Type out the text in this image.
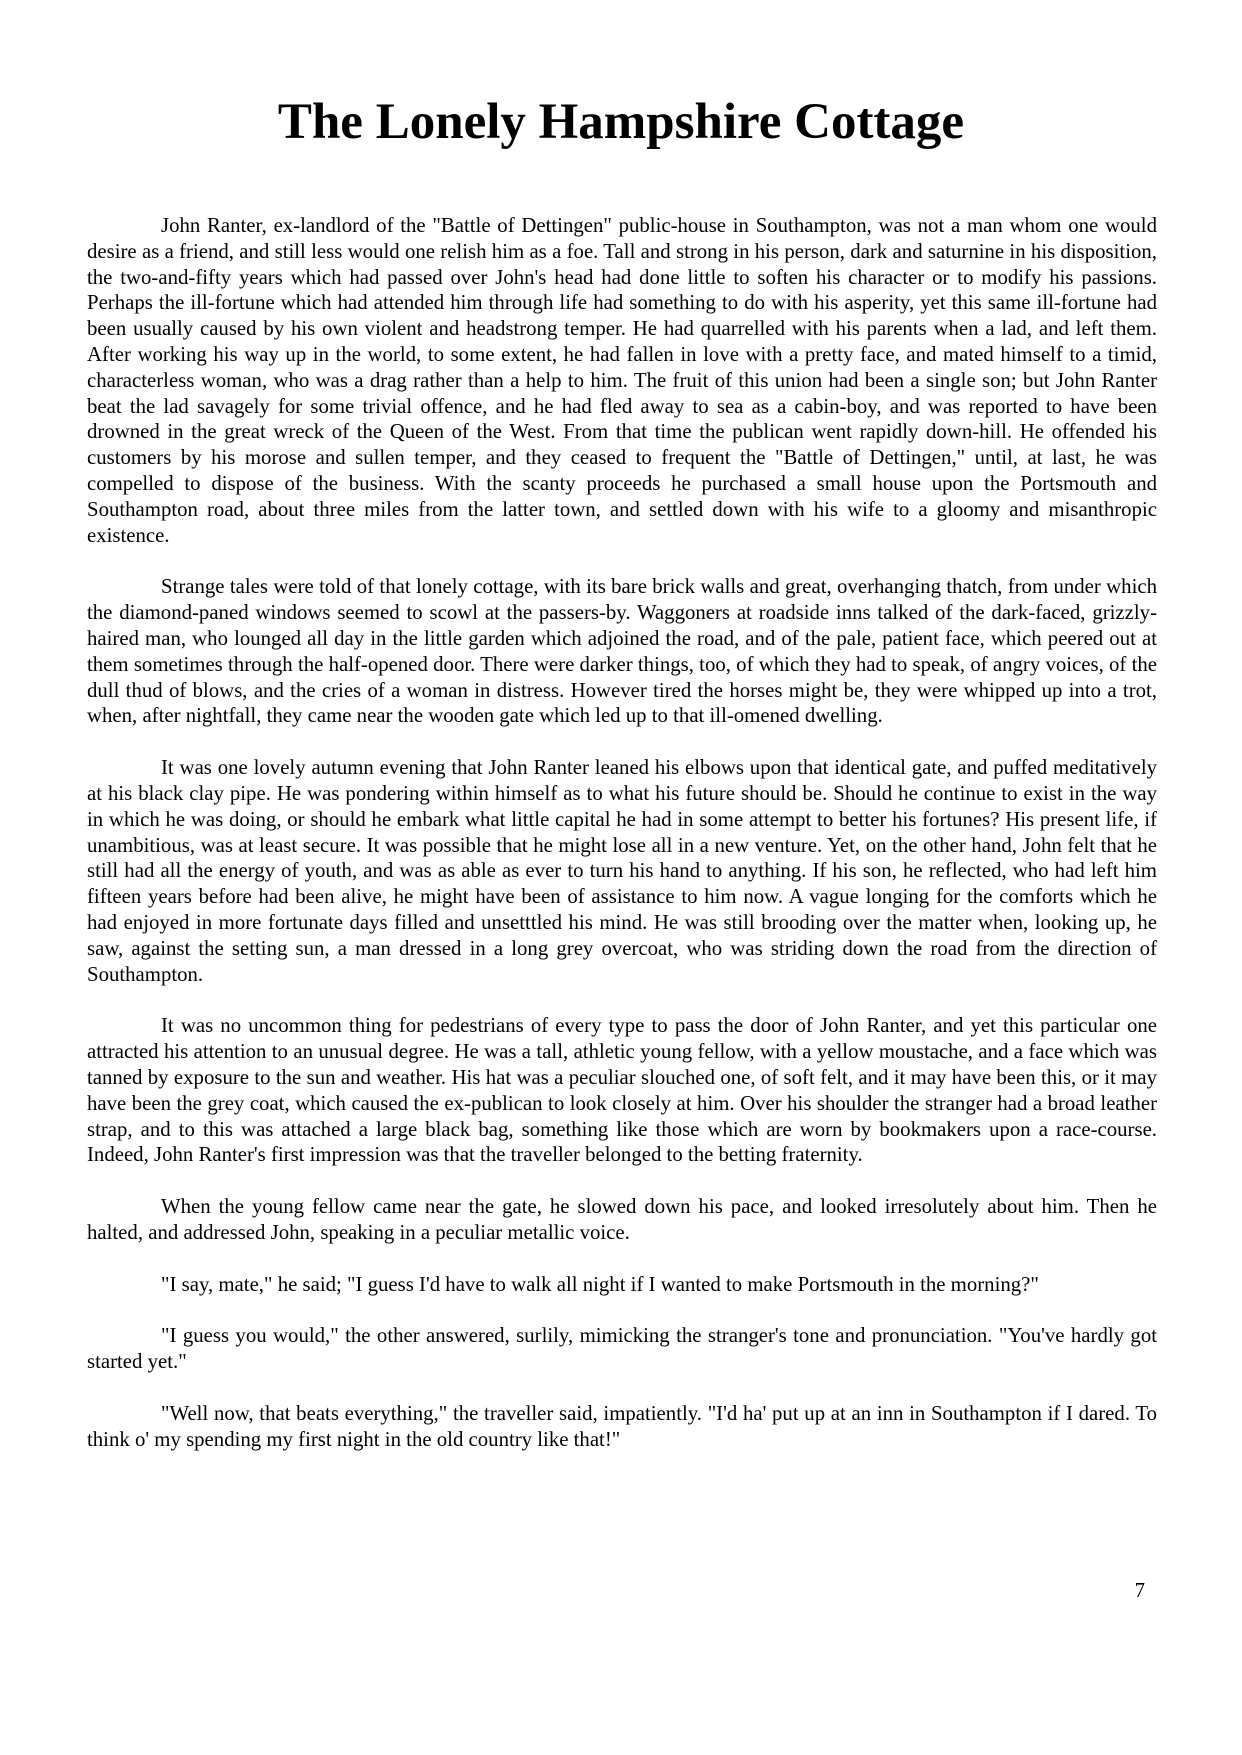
The Lonely Hampshire Cottage

John Ranter, ex-landlord of the "Battle of Dettingen" public-house in Southampton, was not a man whom one would desire as a friend, and still less would one relish him as a foe. Tall and strong in his person, dark and saturnine in his disposition, the two-and-fifty years which had passed over John's head had done little to soften his character or to modify his passions. Perhaps the ill-fortune which had attended him through life had something to do with his asperity, yet this same ill-fortune had been usually caused by his own violent and headstrong temper. He had quarrelled with his parents when a lad, and left them. After working his way up in the world, to some extent, he had fallen in love with a pretty face, and mated himself to a timid, characterless woman, who was a drag rather than a help to him. The fruit of this union had been a single son; but John Ranter beat the lad savagely for some trivial offence, and he had fled away to sea as a cabin-boy, and was reported to have been drowned in the great wreck of the Queen of the West. From that time the publican went rapidly down-hill. He offended his customers by his morose and sullen temper, and they ceased to frequent the "Battle of Dettingen," until, at last, he was compelled to dispose of the business. With the scanty proceeds he purchased a small house upon the Portsmouth and Southampton road, about three miles from the latter town, and settled down with his wife to a gloomy and misanthropic existence.

Strange tales were told of that lonely cottage, with its bare brick walls and great, overhanging thatch, from under which the diamond-paned windows seemed to scowl at the passers-by. Waggoners at roadside inns talked of the dark-faced, grizzly-haired man, who lounged all day in the little garden which adjoined the road, and of the pale, patient face, which peered out at them sometimes through the half-opened door. There were darker things, too, of which they had to speak, of angry voices, of the dull thud of blows, and the cries of a woman in distress. However tired the horses might be, they were whipped up into a trot, when, after nightfall, they came near the wooden gate which led up to that ill-omened dwelling.

It was one lovely autumn evening that John Ranter leaned his elbows upon that identical gate, and puffed meditatively at his black clay pipe. He was pondering within himself as to what his future should be. Should he continue to exist in the way in which he was doing, or should he embark what little capital he had in some attempt to better his fortunes? His present life, if unambitious, was at least secure. It was possible that he might lose all in a new venture. Yet, on the other hand, John felt that he still had all the energy of youth, and was as able as ever to turn his hand to anything. If his son, he reflected, who had left him fifteen years before had been alive, he might have been of assistance to him now. A vague longing for the comforts which he had enjoyed in more fortunate days filled and unsetttled his mind. He was still brooding over the matter when, looking up, he saw, against the setting sun, a man dressed in a long grey overcoat, who was striding down the road from the direction of Southampton.

It was no uncommon thing for pedestrians of every type to pass the door of John Ranter, and yet this particular one attracted his attention to an unusual degree. He was a tall, athletic young fellow, with a yellow moustache, and a face which was tanned by exposure to the sun and weather. His hat was a peculiar slouched one, of soft felt, and it may have been this, or it may have been the grey coat, which caused the ex-publican to look closely at him. Over his shoulder the stranger had a broad leather strap, and to this was attached a large black bag, something like those which are worn by bookmakers upon a race-course. Indeed, John Ranter's first impression was that the traveller belonged to the betting fraternity.

When the young fellow came near the gate, he slowed down his pace, and looked irresolutely about him. Then he halted, and addressed John, speaking in a peculiar metallic voice.

"I say, mate," he said; "I guess I'd have to walk all night if I wanted to make Portsmouth in the morning?"

"I guess you would," the other answered, surlily, mimicking the stranger's tone and pronunciation. "You've hardly got started yet."

"Well now, that beats everything," the traveller said, impatiently. "I'd ha' put up at an inn in Southampton if I dared. To think o' my spending my first night in the old country like that!"

7
